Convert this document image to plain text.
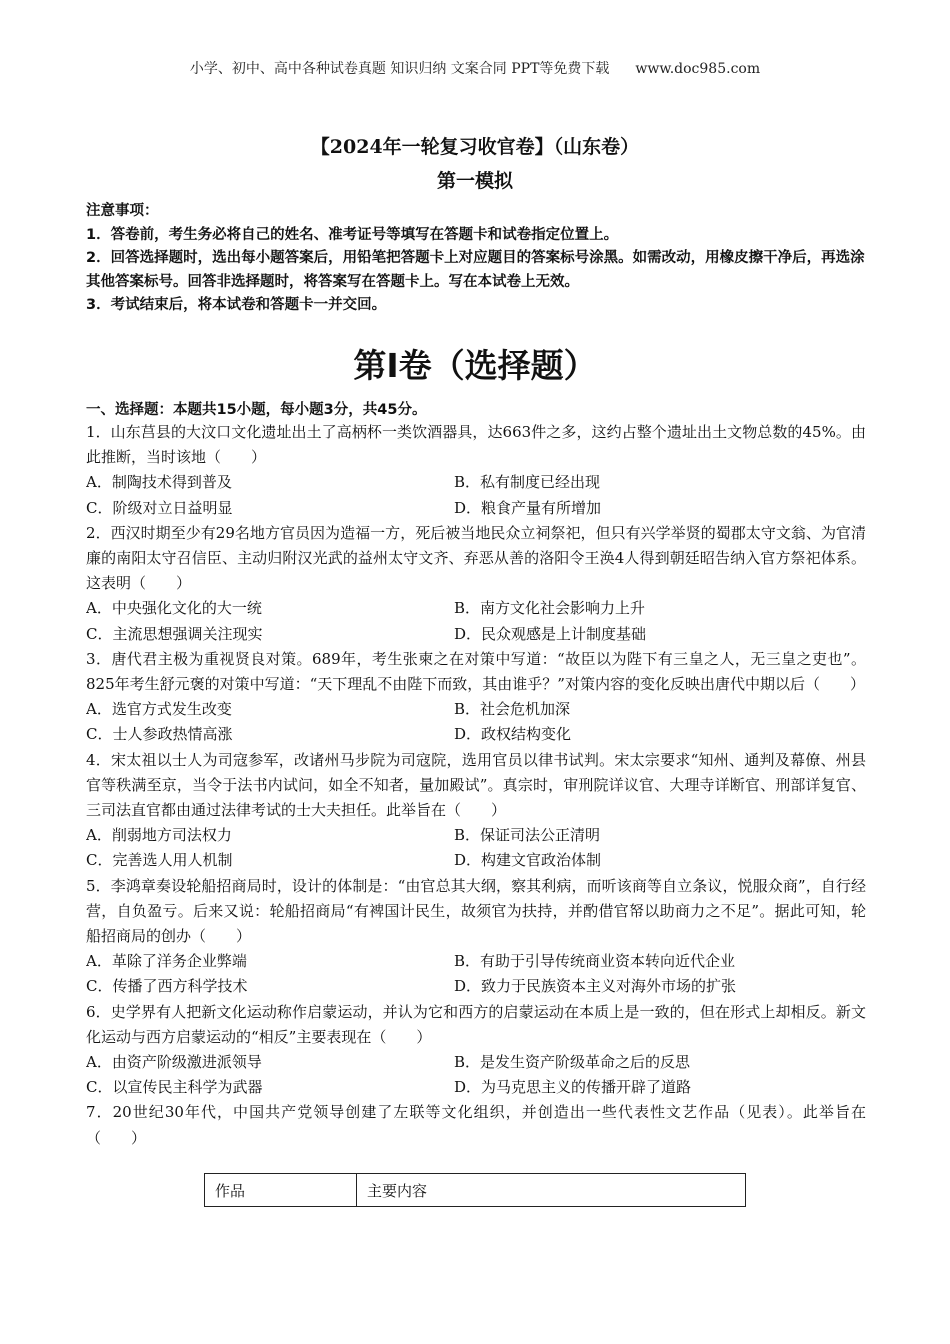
小学、初中、高中各种试卷真题 知识归纳 文案合同 PPT等免费下载 www.doc985.com
【2024年一轮复习收官卷】（山东卷）
第一模拟
注意事项：
1．答卷前，考生务必将自己的姓名、准考证号等填写在答题卡和试卷指定位置上。
2．回答选择题时，选出每小题答案后，用铅笔把答题卡上对应题目的答案标号涂黑。如需改动，用橡皮擦干净后，再选涂其他答案标号。回答非选择题时，将答案写在答题卡上。写在本试卷上无效。
3．考试结束后，将本试卷和答题卡一并交回。
第Ⅰ卷（选择题）
一、选择题：本题共15小题，每小题3分，共45分。
1．山东莒县的大汶口文化遗址出土了高柄杯一类饮酒器具，达663件之多，这约占整个遗址出土文物总数的45%。由此推断，当时该地（　　）
A．制陶技术得到普及	B．私有制度已经出现
C．阶级对立日益明显	D．粮食产量有所增加
2．西汉时期至少有29名地方官员因为造福一方，死后被当地民众立祠祭祀，但只有兴学举贤的蜀郡太守文翁、为官清廉的南阳太守召信臣、主动归附汉光武的益州太守文齐、弃恶从善的洛阳令王涣4人得到朝廷昭告纳入官方祭祀体系。这表明（　　）
A．中央强化文化的大一统	B．南方文化社会影响力上升
C．主流思想强调关注现实	D．民众观感是上计制度基础
3．唐代君主极为重视贤良对策。689年，考生张柬之在对策中写道：“故臣以为陛下有三皇之人，无三皇之吏也”。825年考生舒元褒的对策中写道：“天下理乱不由陛下而致，其由谁乎？”对策内容的变化反映出唐代中期以后（　　）
A．选官方式发生改变	B．社会危机加深
C．士人参政热情高涨	D．政权结构变化
4．宋太祖以士人为司寇参军，改诸州马步院为司寇院，选用官员以律书试判。宋太宗要求“知州、通判及幕僚、州县官等秩满至京，当令于法书内试问，如全不知者，量加殿试”。真宗时，审刑院详议官、大理寺详断官、刑部详复官、三司法直官都由通过法律考试的士大夫担任。此举旨在（　　）
A．削弱地方司法权力	B．保证司法公正清明
C．完善选人用人机制	D．构建文官政治体制
5．李鸿章奏设轮船招商局时，设计的体制是：“由官总其大纲，察其利病，而听该商等自立条议，悦服众商”，自行经营，自负盈亏。后来又说：轮船招商局“有裨国计民生，故须官为扶持，并酌借官帑以助商力之不足”。据此可知，轮船招商局的创办（　　）
A．革除了洋务企业弊端	B．有助于引导传统商业资本转向近代企业
C．传播了西方科学技术	D．致力于民族资本主义对海外市场的扩张
6．史学界有人把新文化运动称作启蒙运动，并认为它和西方的启蒙运动在本质上是一致的，但在形式上却相反。新文化运动与西方启蒙运动的“相反”主要表现在（　　）
A．由资产阶级激进派领导	B．是发生资产阶级革命之后的反思
C．以宣传民主科学为武器	D．为马克思主义的传播开辟了道路
7．20世纪30年代，中国共产党领导创建了左联等文化组织，并创造出一些代表性文艺作品（见表）。此举旨在（　　）
作品	主要内容
